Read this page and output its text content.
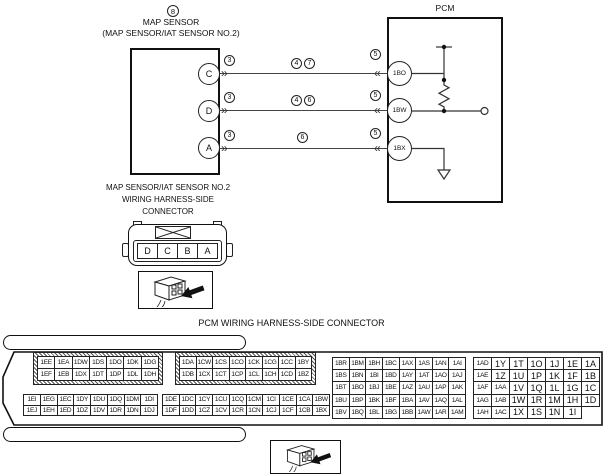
8
MAP SENSOR
(MAP SENSOR/IAT SENSOR NO.2)
PCM
»
»
»
«
«
«
C
D
A
1BO
1BW
1BX
3
3
3
4	7
4	6
6
5
5
5
MAP SENSOR/IAT SENSOR NO.2
WIRING HARNESS-SIDE
CONNECTOR
D	C	B	A
PCM WIRING HARNESS-SIDE CONNECTOR
1EE 1EA 1DW 1DS 1DO 1DK 1DG
1EF 1EB 1DX 1DT 1DP 1DL 1DH
1DA 1CW 1CS 1CO 1CK 1CG 1CC 1BY
1DB 1CX 1CT 1CP 1CL 1CH 1CD 1BZ
1BR 1BM 1BH 1BC 1AX 1AS 1AN 1AI
1BS 1BN 1BI 1BD 1AY 1AT 1AO 1AJ
1BT 1BO 1BJ 1BE 1AZ 1AU 1AP 1AK
1BU 1BP 1BK 1BF 1BA 1AV 1AQ 1AL
1BV 1BQ 1BL 1BG 1BB 1AW 1AR 1AM
1AD 1Y 1T 1O 1J 1E 1A
1AE 1Z 1U 1P 1K 1F 1B
1AF	1AA 1V 1Q 1L 1G 1C
1AG 1AB 1W 1R 1M 1H 1D
1AH 1AC 1X 1S 1N 1I
1EI 1EG 1EC 1DY 1DU 1DQ 1DM 1DI
1EJ 1EH 1ED 1DZ 1DV 1DR 1DN 1DJ
1DE 1DC 1CY 1CU 1CQ 1CM 1CI 1CE 1CA 1BW
1DF 1DD 1CZ 1CV 1CR 1CN 1CJ 1CF 1CB 1BX
